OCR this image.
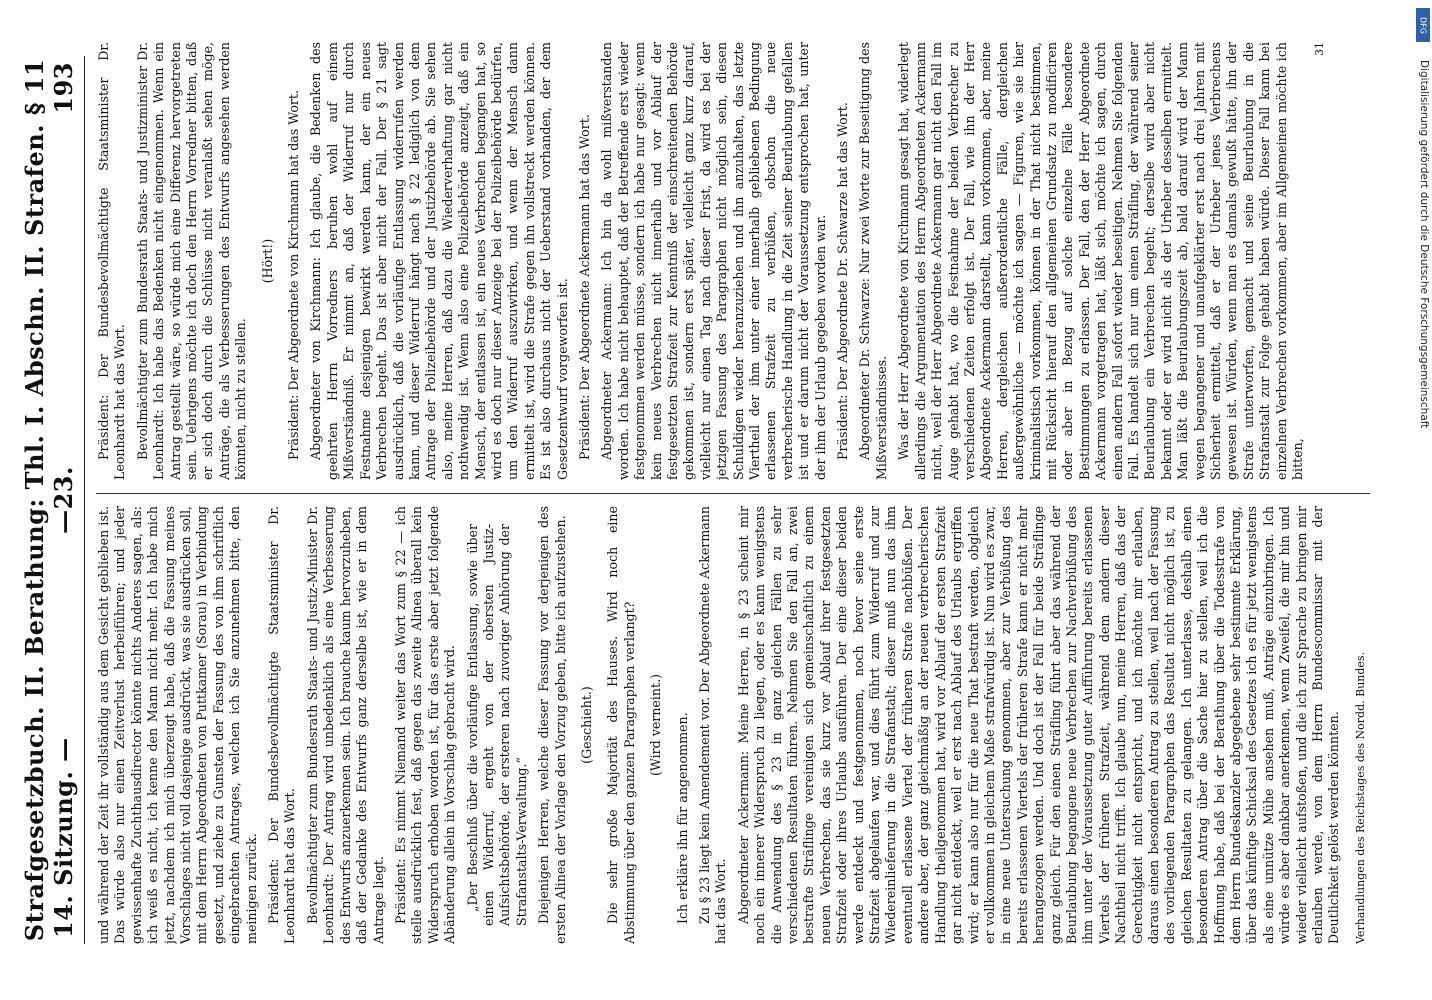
14. Sitzung. —
Strafgesetzbuch. II. Berathung: Thl. I. Abschn. II. Strafen. § 11—23.
193

und während der Zeit ihr vollständig aus dem Gesicht geblieben ist. Das würde also nur einen Zeitverlust herbeiführen; und jeder gewissenhafte Zuchthausdirector könnte nichts Anderes sagen, als: ich weiß es nicht, ich kenne den Mann nicht mehr. Ich habe mich jetzt, nachdem ich mich überzeugt habe, daß die Fassung meines Vorschlages nicht voll dasjenige ausdrückt, was sie ausdrücken soll, mit dem Herrn Abgeordneten von Puttkamer (Sorau) in Verbindung gesetzt, und ziehe zu Gunsten der Fassung des von ihm schriftlich eingebrachten Antrages, welchen ich Sie anzunehmen bitte, den meinigen zurück. Präsident: Der Bundesbevollmächtigte Staatsminister Dr. Leonhardt hat das Wort. Bevollmächtigter zum Bundesrath Staats- und Justiz-Minister Dr. Leonhardt: Der Antrag wird unbedenklich als eine Verbesserung des Entwurfs anzuerkennen sein. Ich brauche kaum hervorzuheben, daß der Gedanke des Entwurfs ganz derselbe ist, wie er in dem Antrage liegt. Präsident: Es nimmt Niemand weiter das Wort zum § 22 — ich stelle ausdrücklich fest, daß gegen das zweite Alinea überall kein Widerspruch erhoben worden ist, für das erste aber jetzt folgende Abänderung allein in Vorschlag gebracht wird. „Der Beschluß über die vorläufige Entlassung, sowie über einen Widerruf, ergeht von der obersten Justiz-Aufsichtsbehörde, der ersteren nach zuvoriger Anhörung der Strafanstalts-Verwaltung.“ Diejenigen Herren, welche dieser Fassung vor derjenigen des ersten Alinea der Vorlage den Vorzug geben, bitte ich aufzustehen. (Geschieht.) Die sehr große Majorität des Hauses. Wird noch eine Abstimmung über den ganzen Paragraphen verlangt? (Wird verneint.) Ich erkläre ihn für angenommen. Zu § 23 liegt kein Amendement vor. Der Abgeordnete Ackermann hat das Wort. Abgeordneter Ackermann: Meine Herren, in § 23 scheint mir noch ein innerer Widerspruch zu liegen, oder es kann wenigstens die Anwendung des § 23 in ganz gleichen Fällen zu sehr verschiedenen Resultaten führen. Nehmen Sie den Fall an, zwei bestrafte Sträflinge vereinigen sich gemeinschaftlich zu einem neuen Verbrechen, das sie kurz vor Ablauf ihrer festgesetzten Strafzeit oder ihres Urlaubs ausführen. Der eine dieser beiden werde entdeckt und festgenommen, noch bevor seine erste Strafzeit abgelaufen war, und dies führt zum Widerruf und zur Wiedereinlieferung in die Strafanstalt; dieser muß nun das ihm eventuell erlassene Viertel der früheren Strafe nachbüßen. Der andere aber, der ganz gleichmäßig an der neuen verbrecherischen Handlung theilgenommen hat, wird vor Ablauf der ersten Strafzeit gar nicht entdeckt, weil er erst nach Ablauf des Urlaubs ergriffen wird; er kann also nur für die neue That bestraft werden, obgleich er vollkommen in gleichem Maße strafwürdig ist. Nun wird es zwar, in eine neue Untersuchung genommen, aber zur Verbüßung des bereits erlassenen Viertels der früheren Strafe kann er nicht mehr herangezogen werden. Und doch ist der Fall für beide Sträflinge ganz gleich. Für den einen Sträfling führt aber das während der Beurlaubung begangene neue Verbrechen zur Nachverbüßung des ihm unter der Voraussetzung guter Aufführung bereits erlassenen Viertels der früheren Strafzeit, während dem andern dieser Nachtheil nicht trifft. Ich glaube nun, meine Herren, daß das der Gerechtigkeit nicht entspricht, und ich möchte mir erlauben, daraus einen besonderen Antrag zu stellen, weil nach der Fassung des vorliegenden Paragraphen das Resultat nicht möglich ist, zu gleichen Resultaten zu gelangen. Ich unterlasse, deshalb einen besonderen Antrag über die Sache hier zu stellen, weil ich die Hoffnung habe, daß bei der Berathung über die Todesstrafe von dem Herrn Bundeskanzler abgegebene sehr bestimmte Erklärung, über das künftige Schicksal des Gesetzes ich es für jetzt wenigstens als eine unnütze Mühe ansehen muß, Anträge einzubringen. Ich würde es aber dankbar anerkennen, wenn Zweifel, die mir hin und wieder vielleicht aufstoßen, und die ich zur Sprache zu bringen mir erlauben werde, von dem Herrn Bundescommissar mit der Deutlichkeit gelöst werden könnten. Verhandlungen des Reichstages des Nordd. Bundes.

Präsident: Der Bundesbevollmächtigte Staatsminister Dr. Leonhardt hat das Wort. Bevollmächtigter zum Bundesrath Staats- und Justizminister Dr. Leonhardt: Ich habe das Bedenken nicht eingenommen. Wenn ein Antrag gestellt wäre, so würde mich eine Differenz hervorgetreten sein. Uebrigens möchte ich doch den Herrn Vorredner bitten, daß er sich doch durch die Schlüsse nicht veranlaßt sehen möge, Anträge, die als Verbesserungen des Entwurfs angesehen werden könnten, nicht zu stellen.

(Hört!) Präsident: Der Abgeordnete von Kirchmann hat das Wort. Abgeordneter von Kirchmann: Ich glaube, die Bedenken des geehrten Herrn Vorredners beruhen wohl auf einem Mißverständniß. Er nimmt an, daß der Widerruf nur durch Festnahme desjenigen bewirkt werden kann, der ein neues Verbrechen begeht. Das ist aber nicht der Fall. Der § 21 sagt ausdrücklich, daß die vorläufige Entlassung widerrufen werden kann, und dieser Widerruf hängt nach § 22 lediglich von dem Antrage der Polizeibehörde und der Justizbehörde ab. Sie sehen also, meine Herren, daß dazu die Wiederverhaftung gar nicht nothwendig ist. Wenn also eine Polizeibehörde anzeigt, daß ein Mensch, der entlassen ist, ein neues Verbrechen begangen hat, so wird es doch nur dieser Anzeige bei der Polizeibehörde bedürfen, um den Widerruf auszuwirken, und wenn der Mensch dann ermittelt ist, wird die Strafe gegen ihn vollstreckt werden können. Es ist also durchaus nicht der Ueberstand vorhanden, der dem Gesetzentwurf vorgeworfen ist. Präsident: Der Abgeordnete Ackermann hat das Wort. Abgeordneter Ackermann: Ich bin da wohl mißverstanden worden. Ich habe nicht behauptet, daß der Betreffende erst wieder festgenommen werden müsse, sondern ich habe nur gesagt: wenn kein neues Verbrechen nicht innerhalb und vor Ablauf der festgesetzten Strafzeit zur Kenntniß der einschreitenden Behörde gekommen ist, sondern erst später, vielleicht ganz kurz darauf, vielleicht nur einen Tag nach dieser Frist, da wird es bei der jetzigen Fassung des Paragraphen nicht möglich sein, diesen Schuldigen wieder heranzuziehen und ihn anzuhalten, das letzte Viertheil der ihm unter einer innerhalb gebliebenen Bedingung erlassenen Strafzeit zu verbüßen, obschon die neue verbrecherische Handlung in die Zeit seiner Beurlaubung gefallen ist und er darum nicht der Voraussetzung entsprochen hat, unter der ihm der Urlaub gegeben worden war. Präsident: Der Abgeordnete Dr. Schwarze hat das Wort. Abgeordneter Dr. Schwarze: Nur zwei Worte zur Beseitigung des Mißverständnisses. Was der Herr Abgeordnete von Kirchmann gesagt hat, widerlegt allerdings die Argumentation des Herrn Abgeordneten Ackermann nicht, weil der Herr Abgeordnete Ackermann gar nicht den Fall im Auge gehabt hat, wo die Festnahme der beiden Verbrecher zu verschiedenen Zeiten erfolgt ist. Der Fall, wie ihn der Herr Abgeordnete Ackermann darstellt, kann vorkommen, aber, meine Herren, dergleichen außerordentliche Fälle, dergleichen außergewöhnliche — möchte ich sagen — Figuren, wie sie hier kriminalistisch vorkommen, können in der That nicht bestimmen, mit Rücksicht hierauf den allgemeinen Grundsatz zu modificiren oder aber in Bezug auf solche einzelne Fälle besondere Bestimmungen zu erlassen. Der Fall, den der Herr Abgeordnete Ackermann vorgetragen hat, läßt sich, möchte ich sagen, durch einen andern Fall sofort wieder beseitigen. Nehmen Sie folgenden Fall. Es handelt sich nur um einen Sträfling, der während seiner Beurlaubung ein Verbrechen begeht; derselbe wird aber nicht bekannt oder er wird nicht als der Urheber desselben ermittelt. Man läßt die Beurlaubungszeit ab, bald darauf wird der Mann wegen begangener und unaufgeklärter erst nach drei Jahren mit Sicherheit ermittelt, daß er der Urheber jenes Verbrechens gewesen ist. Würden, wenn man es damals gewußt hätte, ihn der Strafe unterworfen, gemacht und seine Beurlaubung in die Strafanstalt zur Folge gehabt haben würde. Dieser Fall kann bei einzelnen Verbrechen vorkommen, aber im Allgemeinen möchte ich bitten,

31

Digitalisierung gefördert durch die Deutsche Forschungsgemeinschaft
DFG
